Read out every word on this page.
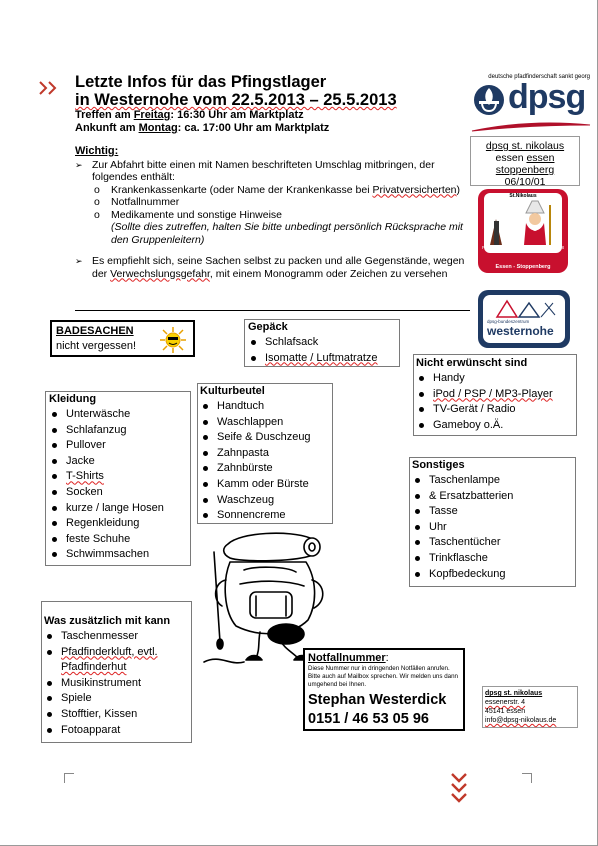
Letzte Infos für das Pfingstlager
in Westernohe vom 22.5.2013 – 25.5.2013
Treffen am Freitag: 16:30 Uhr am Marktplatz
Ankunft am Montag: ca. 17:00 Uhr am Marktplatz
deutsche pfadfinderschaft sankt georg
dpsg
dpsg st. nikolaus
essen essen stoppenberg
06/10/01
St.Nikolaus
Pfadfinderstamm	seit 1958
Essen - Stoppenberg
dpsg-bundeszentrum
westernohe
Wichtig:
➢ Zur Abfahrt bitte einen mit Namen beschrifteten Umschlag mitbringen, der folgendes enthält:
o Krankenkassenkarte (oder Name der Krankenkasse bei Privatversicherten)
o Notfallnummer
o Medikamente und sonstige Hinweise
(Sollte dies zutreffen, halten Sie bitte unbedingt persönlich Rücksprache mit den Gruppenleitern)
➢ Es empfiehlt sich, seine Sachen selbst zu packen und alle Gegenstände, wegen der Verwechslungsgefahr, mit einem Monogramm oder Zeichen zu versehen
BADESACHEN
nicht vergessen!
Gepäck
Schlafsack
Isomatte / Luftmatratze	Nicht erwünscht sind
Handy
iPod / PSP / MP3-Player
TV-Gerät / Radio
Gameboy o.Ä.
Kleidung
Unterwäsche
Schlafanzug
Pullover
Jacke
T-Shirts
Socken
kurze / lange Hosen
Regenkleidung
feste Schuhe
Schwimmsachen
Kulturbeutel
Handtuch
Waschlappen
Seife & Duschzeug
Zahnpasta
Zahnbürste
Kamm oder Bürste
Waschzeug
Sonnencreme
Sonstiges
Taschenlampe
& Ersatzbatterien
Tasse
Uhr
Taschentücher
Trinkflasche
Kopfbedeckung
Was zusätzlich mit kann
Taschenmesser
Pfadfinderkluft, evtl.
Pfadfinderhut
Musikinstrument
Spiele
Stofftier, Kissen
Fotoapparat
Notfallnummer:
Diese Nummer nur in dringenden Notfällen anrufen. Bitte auch auf Mailbox sprechen. Wir melden uns dann umgehend bei Ihnen.
Stephan Westerdick
0151 / 46 53 05 96
dpsg st. nikolaus
essenerstr. 4
45141 essen
info@dpsg-nikolaus.de
